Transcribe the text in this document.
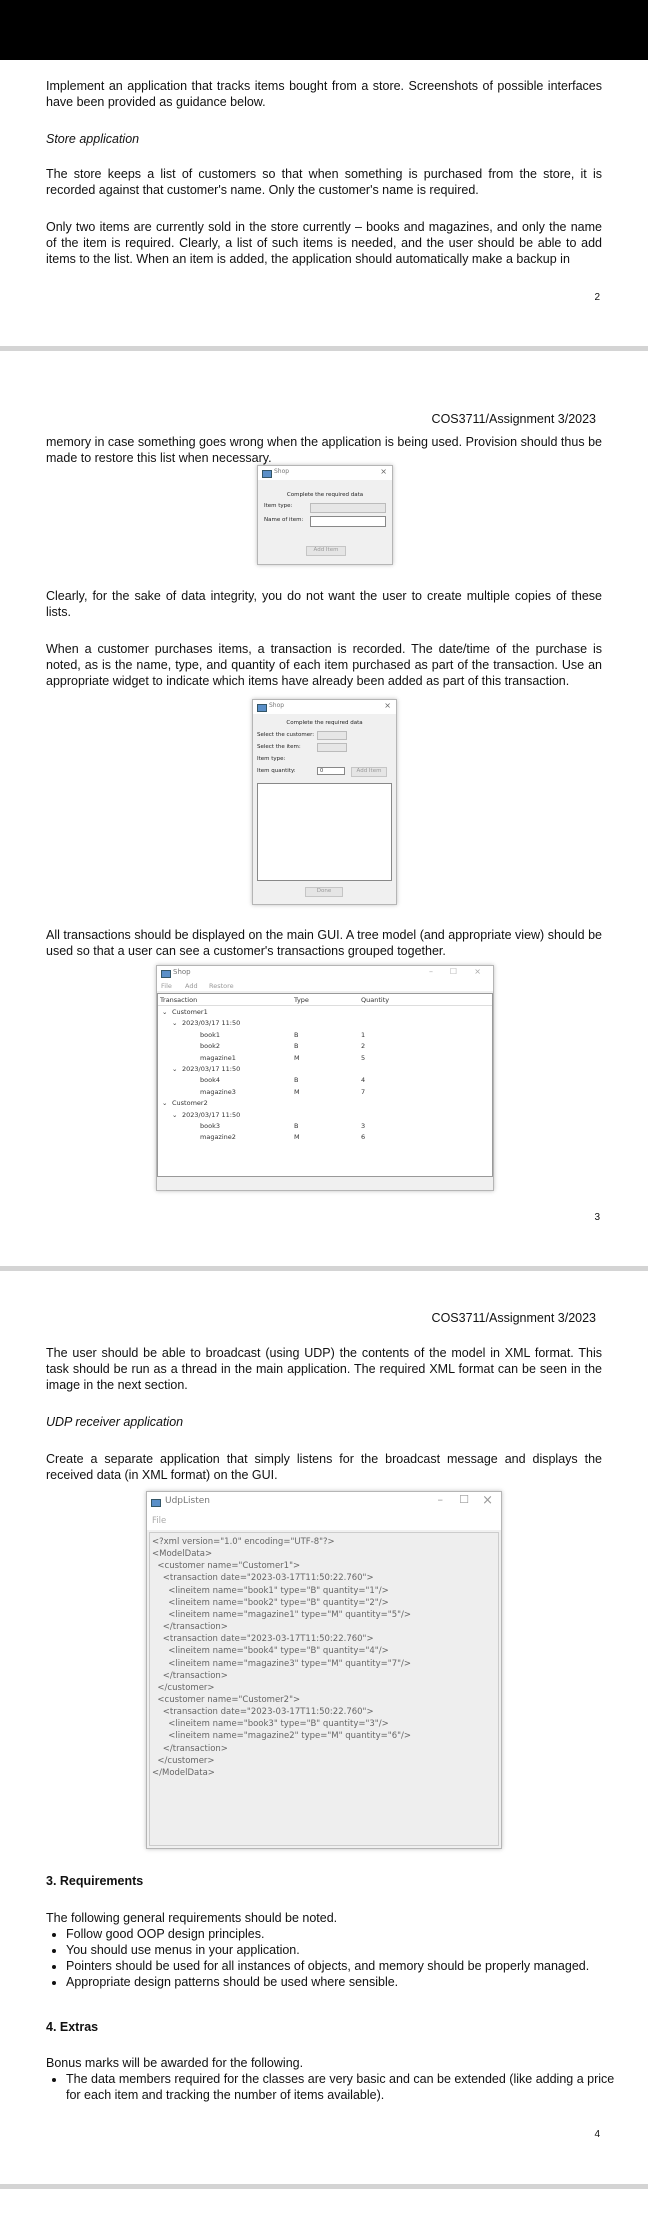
Implement an application that tracks items bought from a store. Screenshots of possible interfaces have been provided as guidance below.
Store application
The store keeps a list of customers so that when something is purchased from the store, it is recorded against that customer's name. Only the customer's name is required.
Only two items are currently sold in the store currently – books and magazines, and only the name of the item is required. Clearly, a list of such items is needed, and the user should be able to add items to the list. When an item is added, the application should automatically make a backup in
2
COS3711/Assignment 3/2023
memory in case something goes wrong when the application is being used. Provision should thus be made to restore this list when necessary.
Shop	×
Complete the required data
Item type:
Name of item:
Add Item
Clearly, for the sake of data integrity, you do not want the user to create multiple copies of these lists.
When a customer purchases items, a transaction is recorded. The date/time of the purchase is noted, as is the name, type, and quantity of each item purchased as part of the transaction. Use an appropriate widget to indicate which items have already been added as part of this transaction.
Shop	×
Complete the required data
Select the customer:
Select the item:
Item type:
Item quantity:	0	Add Item
Done
All transactions should be displayed on the main GUI. A tree model (and appropriate view) should be used so that a user can see a customer's transactions grouped together.
Shop	– ☐ ×
File Add Restore
Transaction	Type	Quantity
⌄ Customer1
⌄ 2023/03/17 11:50
book1	B	1
book2	B	2
magazine1	M	5
⌄ 2023/03/17 11:50
book4	B	4
magazine3	M	7
⌄ Customer2
⌄ 2023/03/17 11:50
book3	B	3
magazine2	M	6
3
COS3711/Assignment 3/2023
The user should be able to broadcast (using UDP) the contents of the model in XML format. This task should be run as a thread in the main application. The required XML format can be seen in the image in the next section.
UDP receiver application
Create a separate application that simply listens for the broadcast message and displays the received data (in XML format) on the GUI.
UdpListen	– ☐ ×
File
<?xml version="1.0" encoding="UTF-8"?>
<ModelData>
<customer name="Customer1">
<transaction date="2023-03-17T11:50:22.760">
<lineitem name="book1" type="B" quantity="1"/>
<lineitem name="book2" type="B" quantity="2"/>
<lineitem name="magazine1" type="M" quantity="5"/>
</transaction>
<transaction date="2023-03-17T11:50:22.760">
<lineitem name="book4" type="B" quantity="4"/>
<lineitem name="magazine3" type="M" quantity="7"/>
</transaction>
</customer>
<customer name="Customer2">
<transaction date="2023-03-17T11:50:22.760">
<lineitem name="book3" type="B" quantity="3"/>
<lineitem name="magazine2" type="M" quantity="6"/>
</transaction>
</customer>
</ModelData>
3. Requirements
The following general requirements should be noted.
• Follow good OOP design principles.
• You should use menus in your application.
• Pointers should be used for all instances of objects, and memory should be properly managed.
• Appropriate design patterns should be used where sensible.
4. Extras
Bonus marks will be awarded for the following.
• The data members required for the classes are very basic and can be extended (like adding a price for each item and tracking the number of items available).
4
